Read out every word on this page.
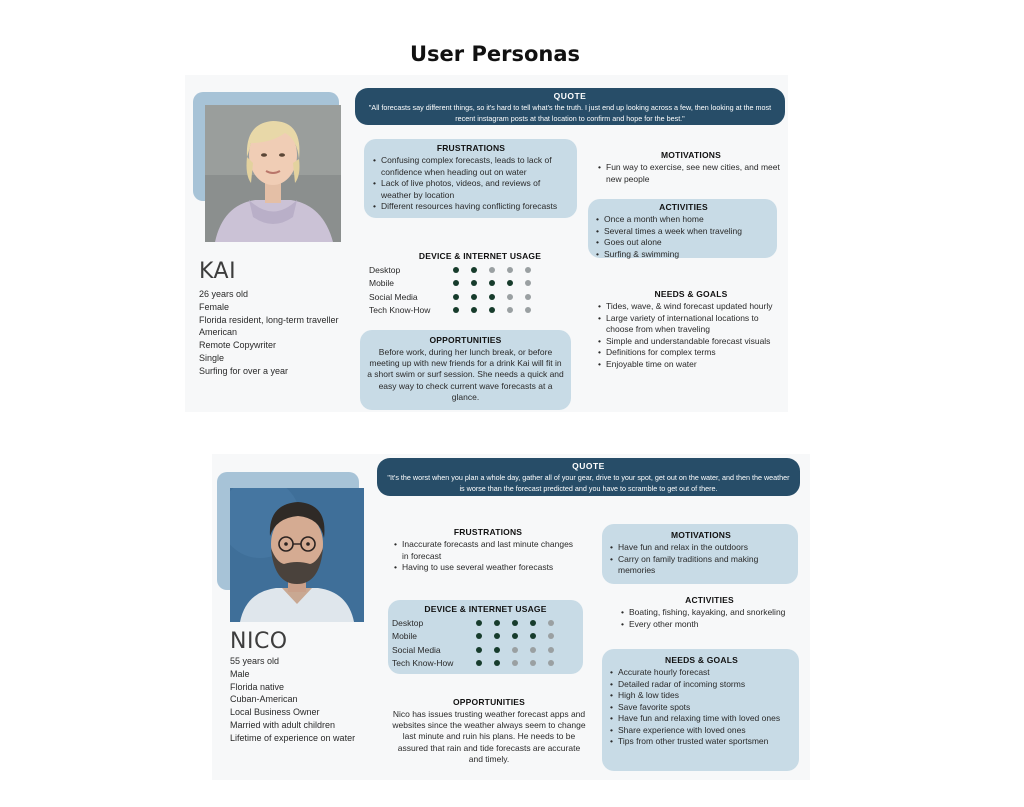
User Personas
KAI
26 years old
Female
Florida resident, long-term traveller
American
Remote Copywriter
Single
Surfing for over a year
QUOTE
"All forecasts say different things, so it's hard to tell what's the truth. I just end up looking across a few, then looking at the most recent instagram posts at that location to confirm and hope for the best."
FRUSTRATIONS
• Confusing complex forecasts, leads to lack of confidence when heading out on water
• Lack of live photos, videos, and reviews of weather by location
• Different resources having conflicting forecasts
MOTIVATIONS
• Fun way to exercise, see new cities, and meet new people
ACTIVITIES
• Once a month when home
• Several times a week when traveling
• Goes out alone
• Surfing & swimming
DEVICE & INTERNET USAGE
Desktop
Mobile
Social Media
Tech Know-How
NEEDS & GOALS
• Tides, wave, & wind forecast updated hourly
• Large variety of international locations to choose from when traveling
• Simple and understandable forecast visuals
• Definitions for complex terms
• Enjoyable time on water
OPPORTUNITIES

Before work, during her lunch break, or before meeting up with new friends for a drink Kai will fit in a short swim or surf session. She needs a quick and easy way to check current wave forecasts at a glance.

NICO
55 years old
Male
Florida native
Cuban-American
Local Business Owner
Married with adult children
Lifetime of experience on water
QUOTE
"It's the worst when you plan a whole day, gather all of your gear, drive to your spot, get out on the water, and then the weather is worse than the forecast predicted and you have to scramble to get out of there.
FRUSTRATIONS
• Inaccurate forecasts and last minute changes in forecast
• Having to use several weather forecasts
MOTIVATIONS
• Have fun and relax in the outdoors
• Carry on family traditions and making memories
ACTIVITIES
• Boating, fishing, kayaking, and snorkeling
• Every other month
DEVICE & INTERNET USAGE
Desktop
Mobile
Social Media
Tech Know-How	NEEDS & GOALS
• Accurate hourly forecast
• Detailed radar of incoming storms
• High & low tides
• Save favorite spots
• Have fun and relaxing time with loved ones
• Share experience with loved ones
• Tips from other trusted water sportsmen
OPPORTUNITIES

Nico has issues trusting weather forecast apps and websites since the weather always seem to change last minute and ruin his plans. He needs to be assured that rain and tide forecasts are accurate and timely.
